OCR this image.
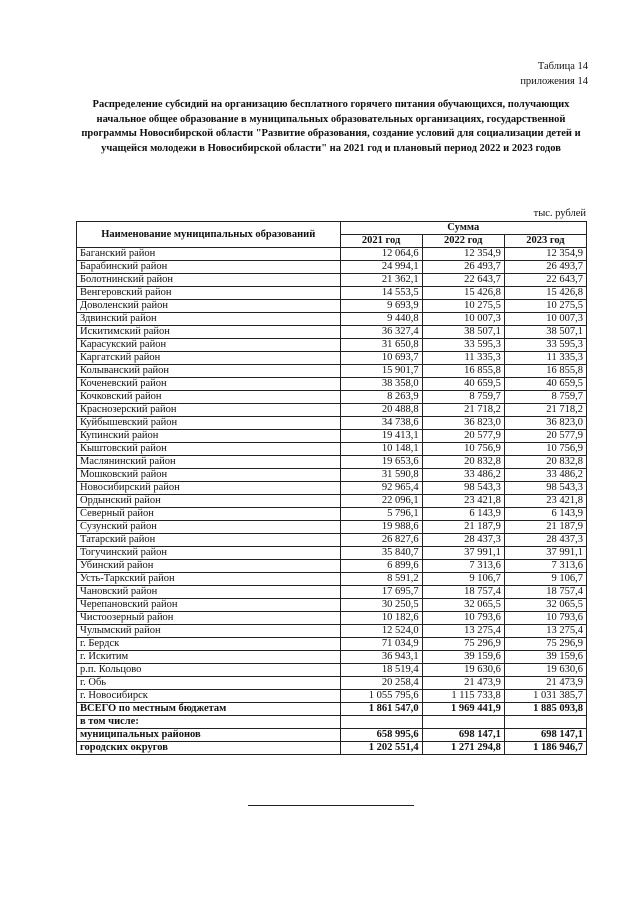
Таблица 14
приложения 14
Распределение субсидий на организацию бесплатного горячего питания обучающихся, получающих начальное общее образование в муниципальных образовательных организациях, государственной программы Новосибирской области "Развитие образования, создание условий для социализации детей и учащейся молодежи в Новосибирской области" на 2021 год и плановый период 2022 и 2023 годов
тыс. рублей
Наименование муниципальных образований	Сумма		
	2021 год	2022 год	2023 год
Баганский район	12 064,6	12 354,9	12 354,9
Барабинский район	24 994,1	26 493,7	26 493,7
Болотнинский район	21 362,1	22 643,7	22 643,7
Венгеровский район	14 553,5	15 426,8	15 426,8
Доволенский район	9 693,9	10 275,5	10 275,5
Здвинский район	9 440,8	10 007,3	10 007,3
Искитимский район	36 327,4	38 507,1	38 507,1
Карасукский район	31 650,8	33 595,3	33 595,3
Каргатский район	10 693,7	11 335,3	11 335,3
Колыванский район	15 901,7	16 855,8	16 855,8
Коченевский район	38 358,0	40 659,5	40 659,5
Кочковский район	8 263,9	8 759,7	8 759,7
Краснозерский район	20 488,8	21 718,2	21 718,2
Куйбышевский район	34 738,6	36 823,0	36 823,0
Купинский район	19 413,1	20 577,9	20 577,9
Кыштовский район	10 148,1	10 756,9	10 756,9
Маслянинский район	19 653,6	20 832,8	20 832,8
Мошковский район	31 590,8	33 486,2	33 486,2
Новосибирский район	92 965,4	98 543,3	98 543,3
Ордынский район	22 096,1	23 421,8	23 421,8
Северный район	5 796,1	6 143,9	6 143,9
Сузунский район	19 988,6	21 187,9	21 187,9
Татарский район	26 827,6	28 437,3	28 437,3
Тогучинский район	35 840,7	37 991,1	37 991,1
Убинский район	6 899,6	7 313,6	7 313,6
Усть-Таркский район	8 591,2	9 106,7	9 106,7
Чановский район	17 695,7	18 757,4	18 757,4
Черепановский район	30 250,5	32 065,5	32 065,5
Чистоозерный район	10 182,6	10 793,6	10 793,6
Чулымский район	12 524,0	13 275,4	13 275,4
г. Бердск	71 034,9	75 296,9	75 296,9
г. Искитим	36 943,1	39 159,6	39 159,6
р.п. Кольцово	18 519,4	19 630,6	19 630,6
г. Обь	20 258,4	21 473,9	21 473,9
г. Новосибирск	1 055 795,6	1 115 733,8	1 031 385,7
ВСЕГО по местным бюджетам	1 861 547,0	1 969 441,9	1 885 093,8
в том числе:			
муниципальных районов	658 995,6	698 147,1	698 147,1
городских округов	1 202 551,4	1 271 294,8	1 186 946,7
